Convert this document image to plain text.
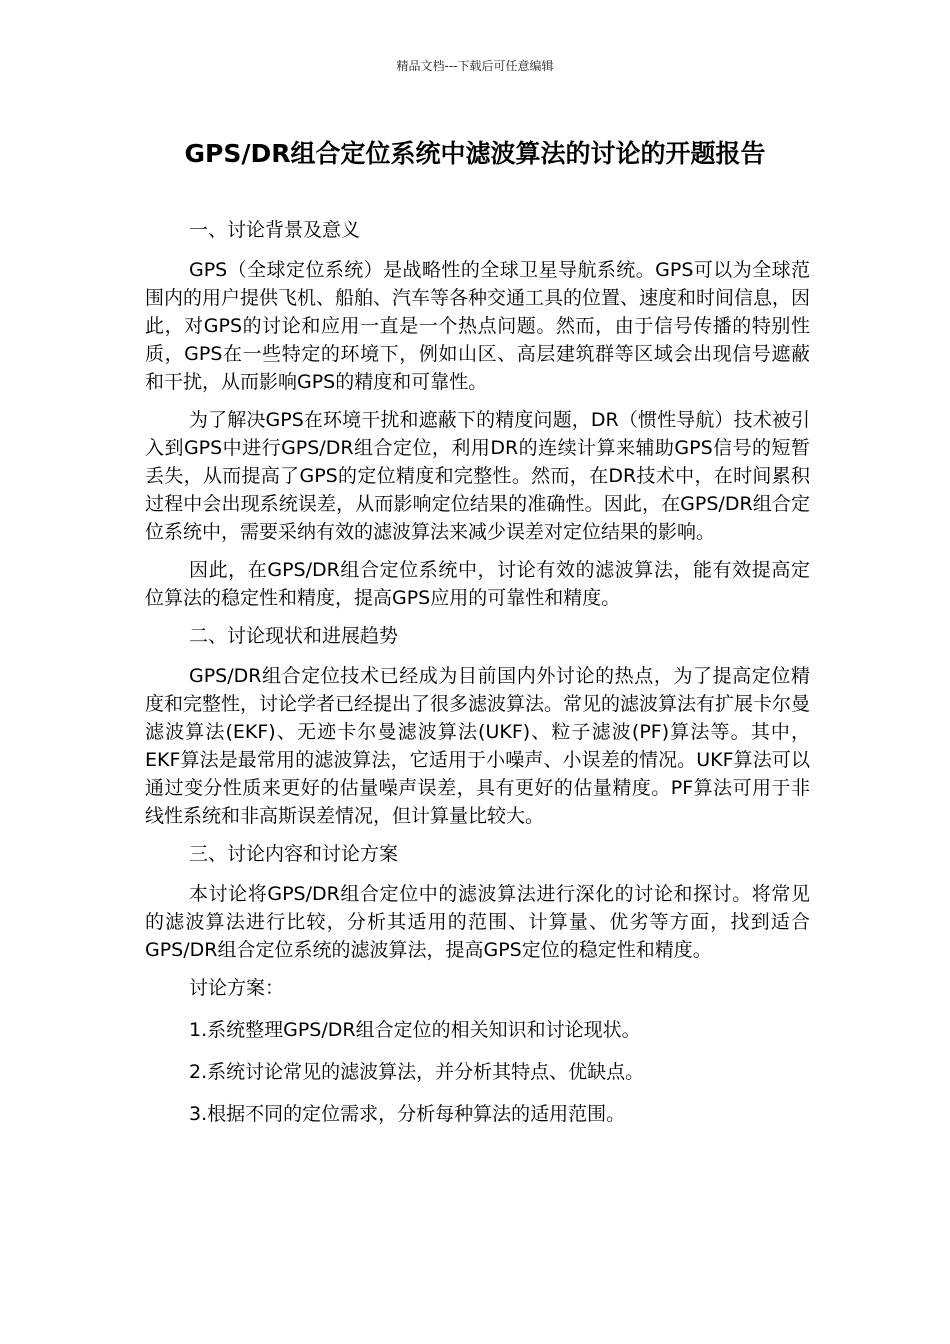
精品文档---下载后可任意编辑
GPS/DR组合定位系统中滤波算法的讨论的开题报告

一、讨论背景及意义

GPS（全球定位系统）是战略性的全球卫星导航系统。GPS可以为全球范围内的用户提供飞机、船舶、汽车等各种交通工具的位置、速度和时间信息，因此，对GPS的讨论和应用一直是一个热点问题。然而，由于信号传播的特别性质，GPS在一些特定的环境下，例如山区、高层建筑群等区域会出现信号遮蔽和干扰，从而影响GPS的精度和可靠性。

为了解决GPS在环境干扰和遮蔽下的精度问题，DR（惯性导航）技术被引入到GPS中进行GPS/DR组合定位，利用DR的连续计算来辅助GPS信号的短暂丢失，从而提高了GPS的定位精度和完整性。然而，在DR技术中，在时间累积过程中会出现系统误差，从而影响定位结果的准确性。因此，在GPS/DR组合定位系统中，需要采纳有效的滤波算法来减少误差对定位结果的影响。

因此，在GPS/DR组合定位系统中，讨论有效的滤波算法，能有效提高定位算法的稳定性和精度，提高GPS应用的可靠性和精度。

二、讨论现状和进展趋势

GPS/DR组合定位技术已经成为目前国内外讨论的热点，为了提高定位精度和完整性，讨论学者已经提出了很多滤波算法。常见的滤波算法有扩展卡尔曼滤波算法(EKF)、无迹卡尔曼滤波算法(UKF)、粒子滤波(PF)算法等。其中，EKF算法是最常用的滤波算法，它适用于小噪声、小误差的情况。UKF算法可以通过变分性质来更好的估量噪声误差，具有更好的估量精度。PF算法可用于非线性系统和非高斯误差情况，但计算量比较大。

三、讨论内容和讨论方案

本讨论将GPS/DR组合定位中的滤波算法进行深化的讨论和探讨。将常见的滤波算法进行比较，分析其适用的范围、计算量、优劣等方面，找到适合GPS/DR组合定位系统的滤波算法，提高GPS定位的稳定性和精度。

讨论方案：

1.系统整理GPS/DR组合定位的相关知识和讨论现状。

2.系统讨论常见的滤波算法，并分析其特点、优缺点。

3.根据不同的定位需求，分析每种算法的适用范围。
